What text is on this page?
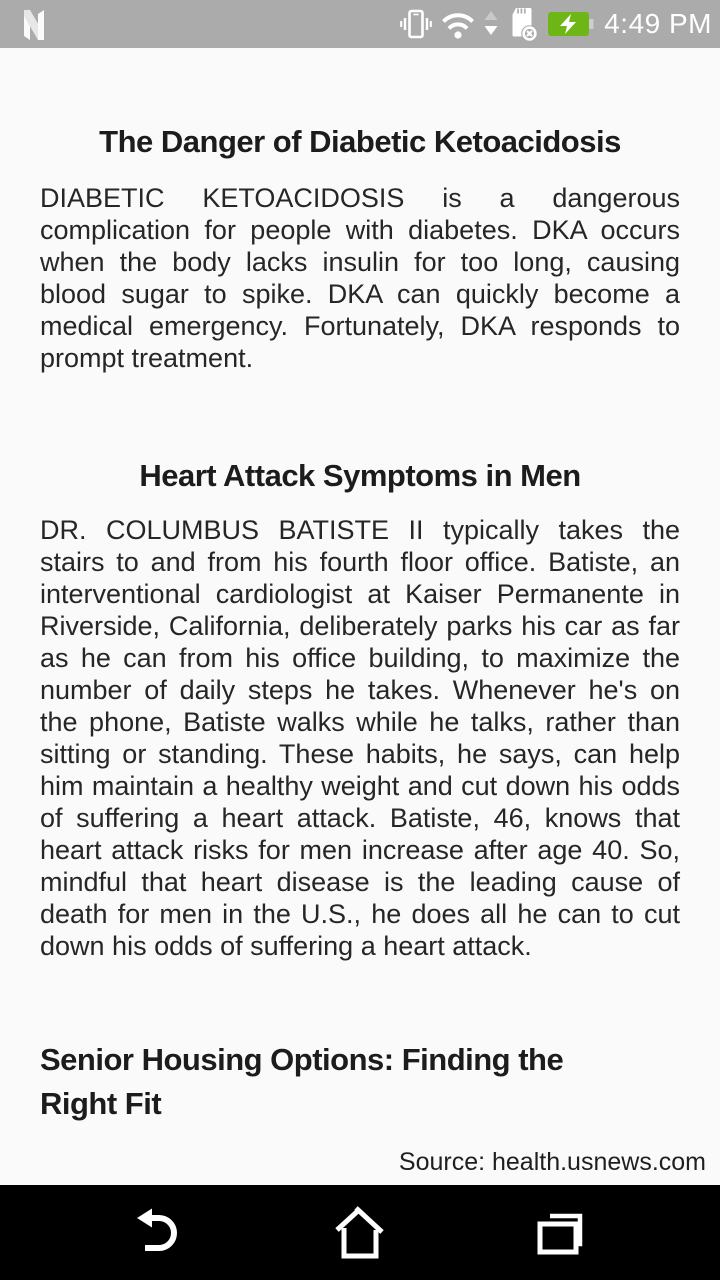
4:49 PM
The Danger of Diabetic Ketoacidosis

DIABETIC KETOACIDOSIS is a dangerous complication for people with diabetes. DKA occurs when the body lacks insulin for too long, causing blood sugar to spike. DKA can quickly become a medical emergency. Fortunately, DKA responds to prompt treatment.

Heart Attack Symptoms in Men

DR. COLUMBUS BATISTE II typically takes the stairs to and from his fourth floor office. Batiste, an interventional cardiologist at Kaiser Permanente in Riverside, California, deliberately parks his car as far as he can from his office building, to maximize the number of daily steps he takes. Whenever he's on the phone, Batiste walks while he talks, rather than sitting or standing. These habits, he says, can help him maintain a healthy weight and cut down his odds of suffering a heart attack. Batiste, 46, knows that heart attack risks for men increase after age 40. So, mindful that heart disease is the leading cause of death for men in the U.S., he does all he can to cut down his odds of suffering a heart attack.

Senior Housing Options: Finding the Right Fit
Source: health.usnews.com
